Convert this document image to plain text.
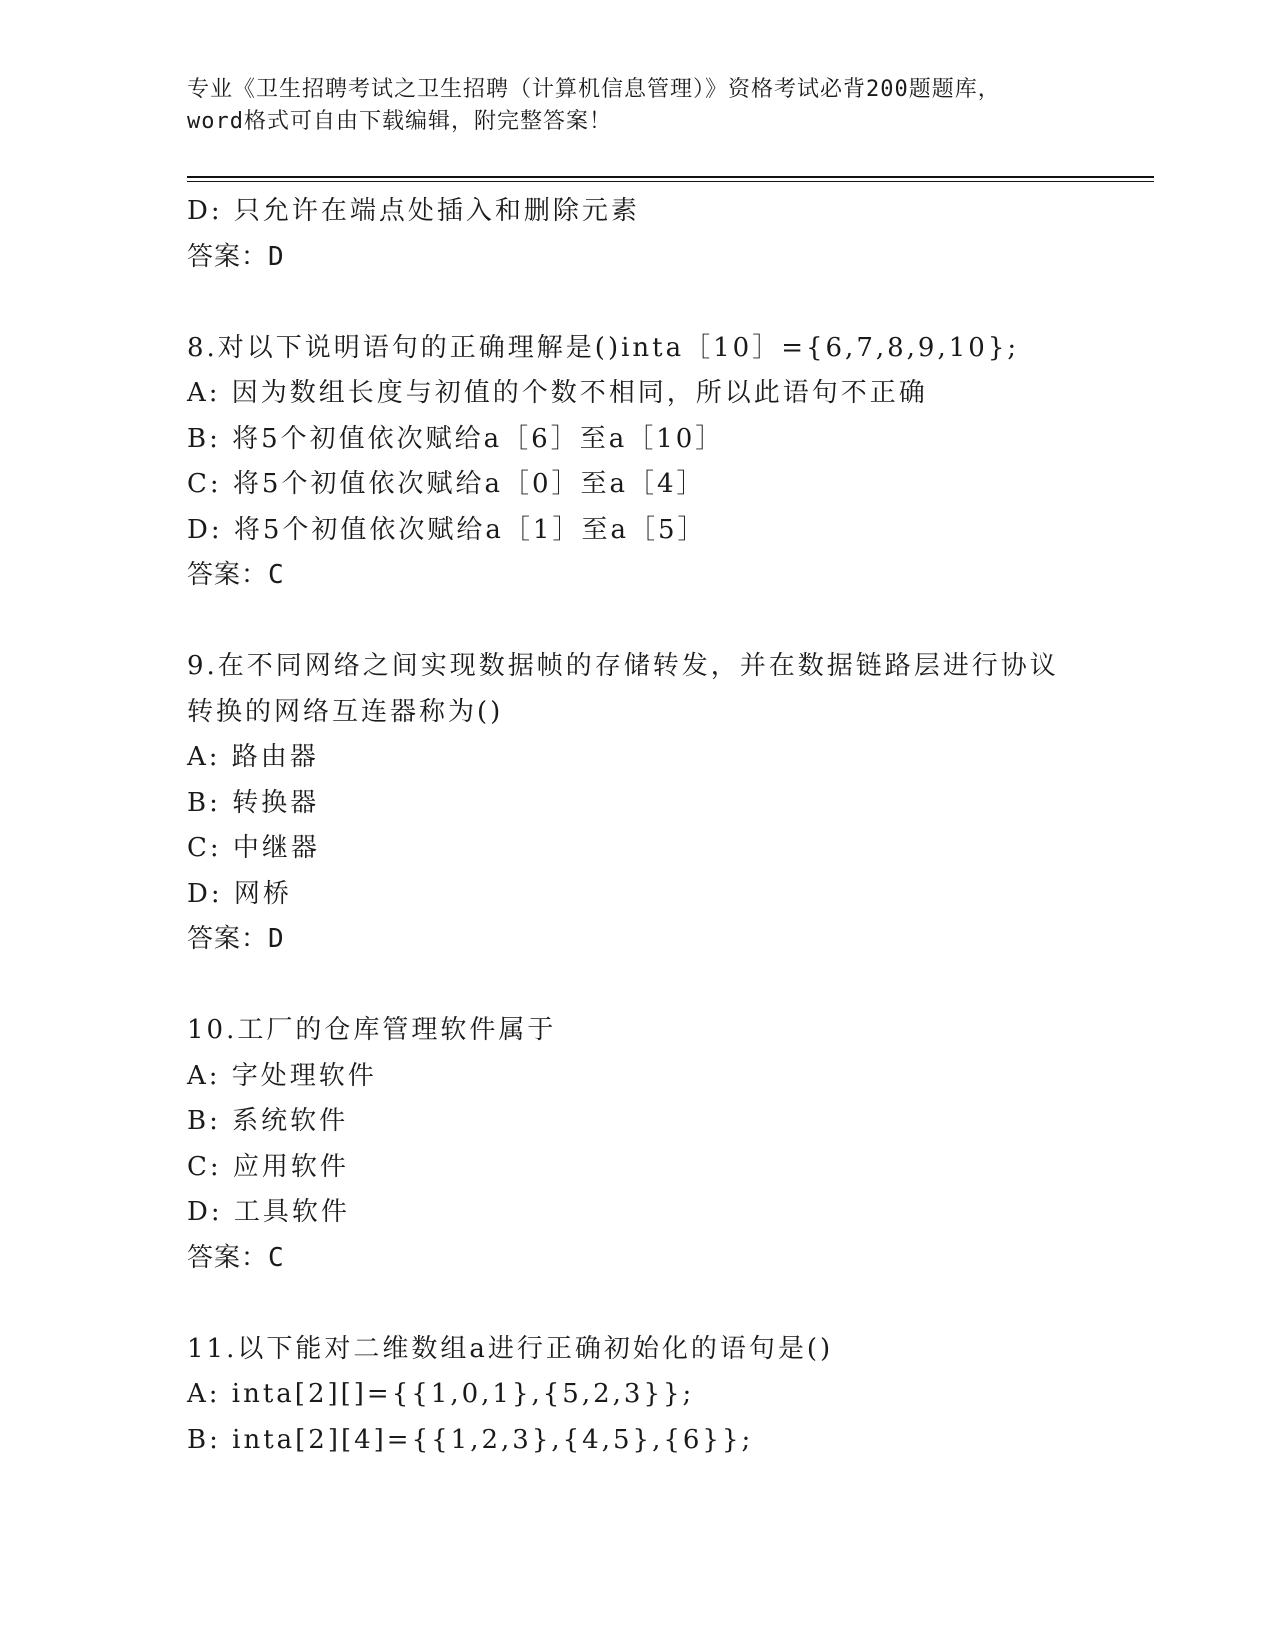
专业《卫生招聘考试之卫生招聘（计算机信息管理）》资格考试必背200题题库，
word格式可自由下载编辑，附完整答案！
D: 只允许在端点处插入和删除元素
答案：D
8.对以下说明语句的正确理解是()inta［10］={6,7,8,9,10};
A: 因为数组长度与初值的个数不相同，所以此语句不正确
B: 将5个初值依次赋给a［6］至a［10］
C: 将5个初值依次赋给a［0］至a［4］
D: 将5个初值依次赋给a［1］至a［5］
答案：C
9.在不同网络之间实现数据帧的存储转发，并在数据链路层进行协议
转换的网络互连器称为()
A: 路由器
B: 转换器
C: 中继器
D: 网桥
答案：D
10.工厂的仓库管理软件属于
A: 字处理软件
B: 系统软件
C: 应用软件
D: 工具软件
答案：C
11.以下能对二维数组a进行正确初始化的语句是()
A: inta[2][]={{1,0,1},{5,2,3}};
B: inta[2][4]={{1,2,3},{4,5},{6}};
